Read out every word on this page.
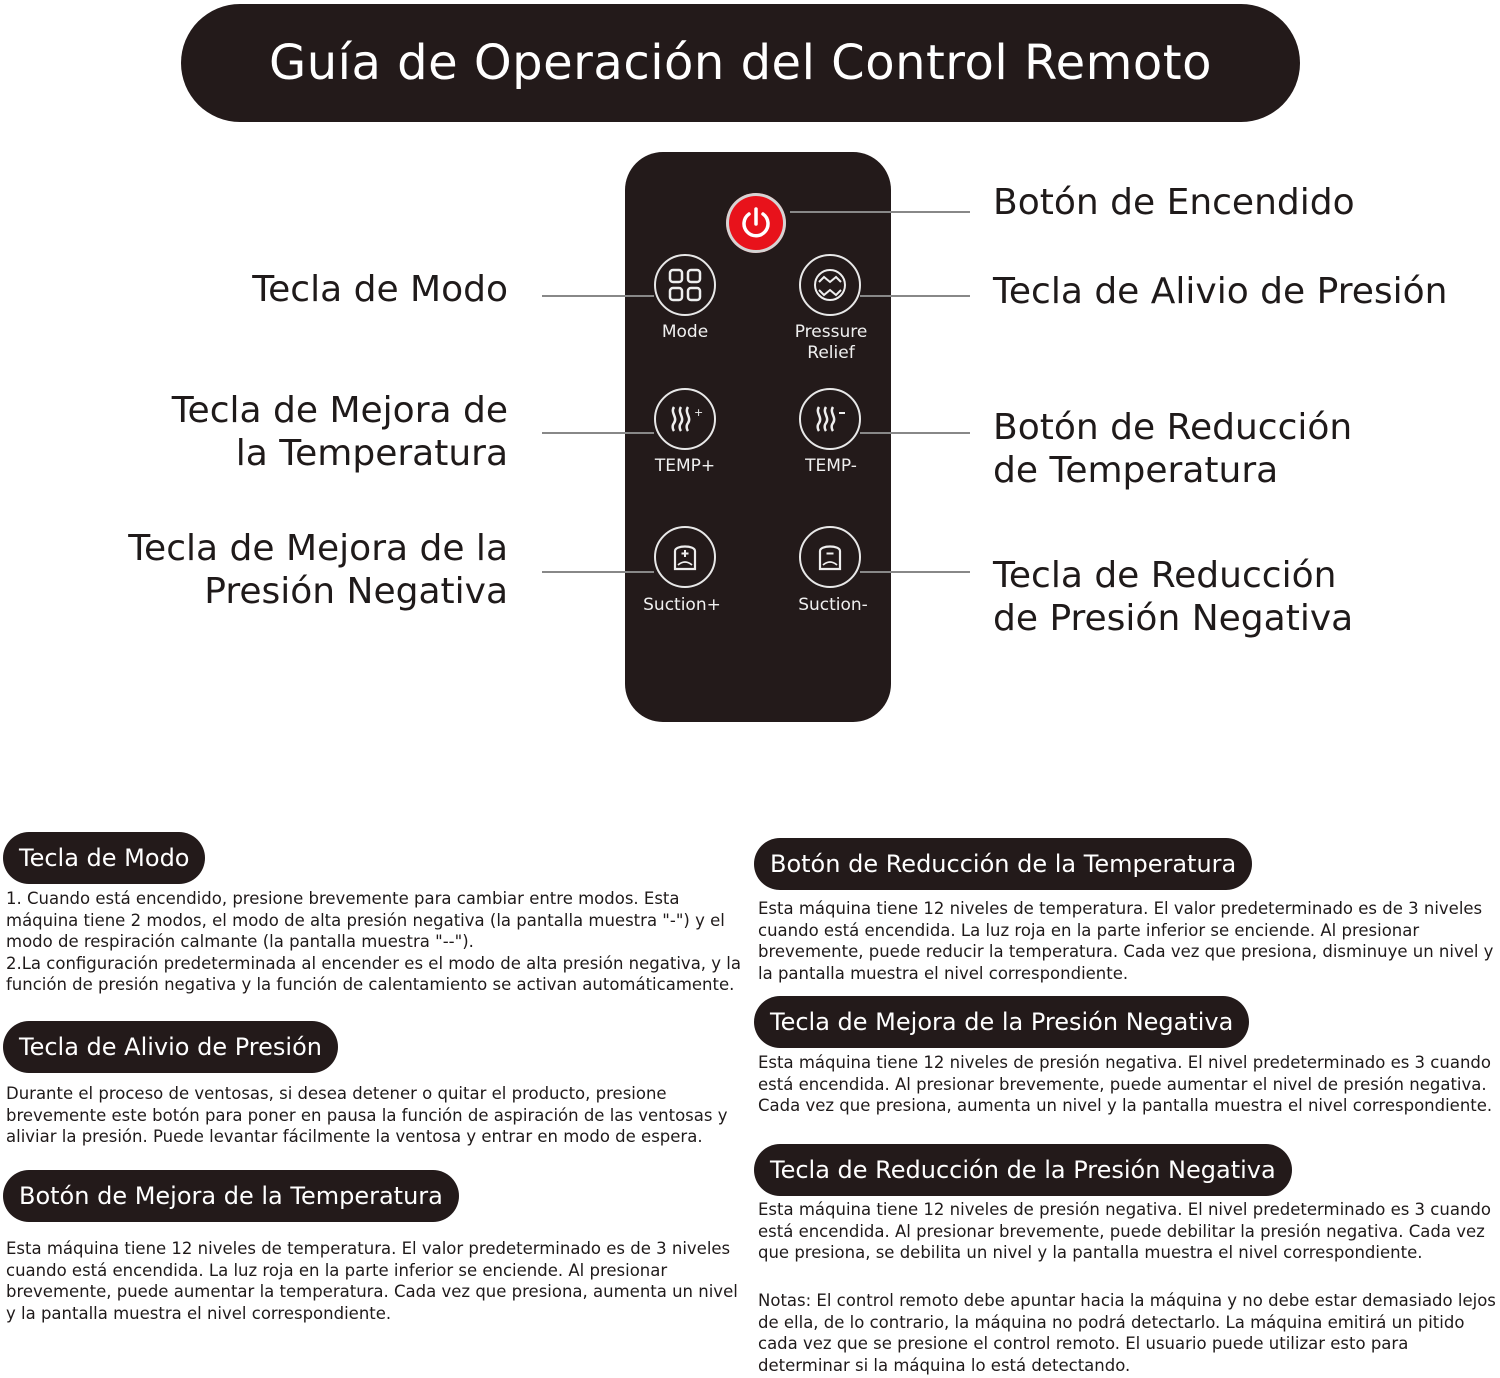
Guía de Operación del Control Remoto
Mode	Pressure
Relief
+
TEMP+	TEMP-
Suction+	Suction-
Botón de Encendido
Tecla de Modo	Tecla de Alivio de Presión
Tecla de Mejora de
la Temperatura
Botón de Reducción
de Temperatura
Tecla de Mejora de la
Presión Negativa	Tecla de Reducción
de Presión Negativa
Tecla de Modo
1. Cuando está encendido, presione brevemente para cambiar entre modos. Esta máquina tiene 2 modos, el modo de alta presión negativa (la pantalla muestra "-") y el modo de respiración calmante (la pantalla muestra "--").
2.La configuración predeterminada al encender es el modo de alta presión negativa, y la función de presión negativa y la función de calentamiento se activan automáticamente.
Tecla de Alivio de Presión
Durante el proceso de ventosas, si desea detener o quitar el producto, presione brevemente este botón para poner en pausa la función de aspiración de las ventosas y aliviar la presión. Puede levantar fácilmente la ventosa y entrar en modo de espera.
Botón de Mejora de la Temperatura
Esta máquina tiene 12 niveles de temperatura. El valor predeterminado es de 3 niveles cuando está encendida. La luz roja en la parte inferior se enciende. Al presionar brevemente, puede aumentar la temperatura. Cada vez que presiona, aumenta un nivel y la pantalla muestra el nivel correspondiente.
Botón de Reducción de la Temperatura
Esta máquina tiene 12 niveles de temperatura. El valor predeterminado es de 3 niveles cuando está encendida. La luz roja en la parte inferior se enciende. Al presionar brevemente, puede reducir la temperatura. Cada vez que presiona, disminuye un nivel y la pantalla muestra el nivel correspondiente.
Tecla de Mejora de la Presión Negativa
Esta máquina tiene 12 niveles de presión negativa. El nivel predeterminado es 3 cuando está encendida. Al presionar brevemente, puede aumentar el nivel de presión negativa. Cada vez que presiona, aumenta un nivel y la pantalla muestra el nivel correspondiente.
Tecla de Reducción de la Presión Negativa
Esta máquina tiene 12 niveles de presión negativa. El nivel predeterminado es 3 cuando está encendida. Al presionar brevemente, puede debilitar la presión negativa. Cada vez que presiona, se debilita un nivel y la pantalla muestra el nivel correspondiente.
Notas: El control remoto debe apuntar hacia la máquina y no debe estar demasiado lejos de ella, de lo contrario, la máquina no podrá detectarlo. La máquina emitirá un pitido cada vez que se presione el control remoto. El usuario puede utilizar esto para determinar si la máquina lo está detectando.
